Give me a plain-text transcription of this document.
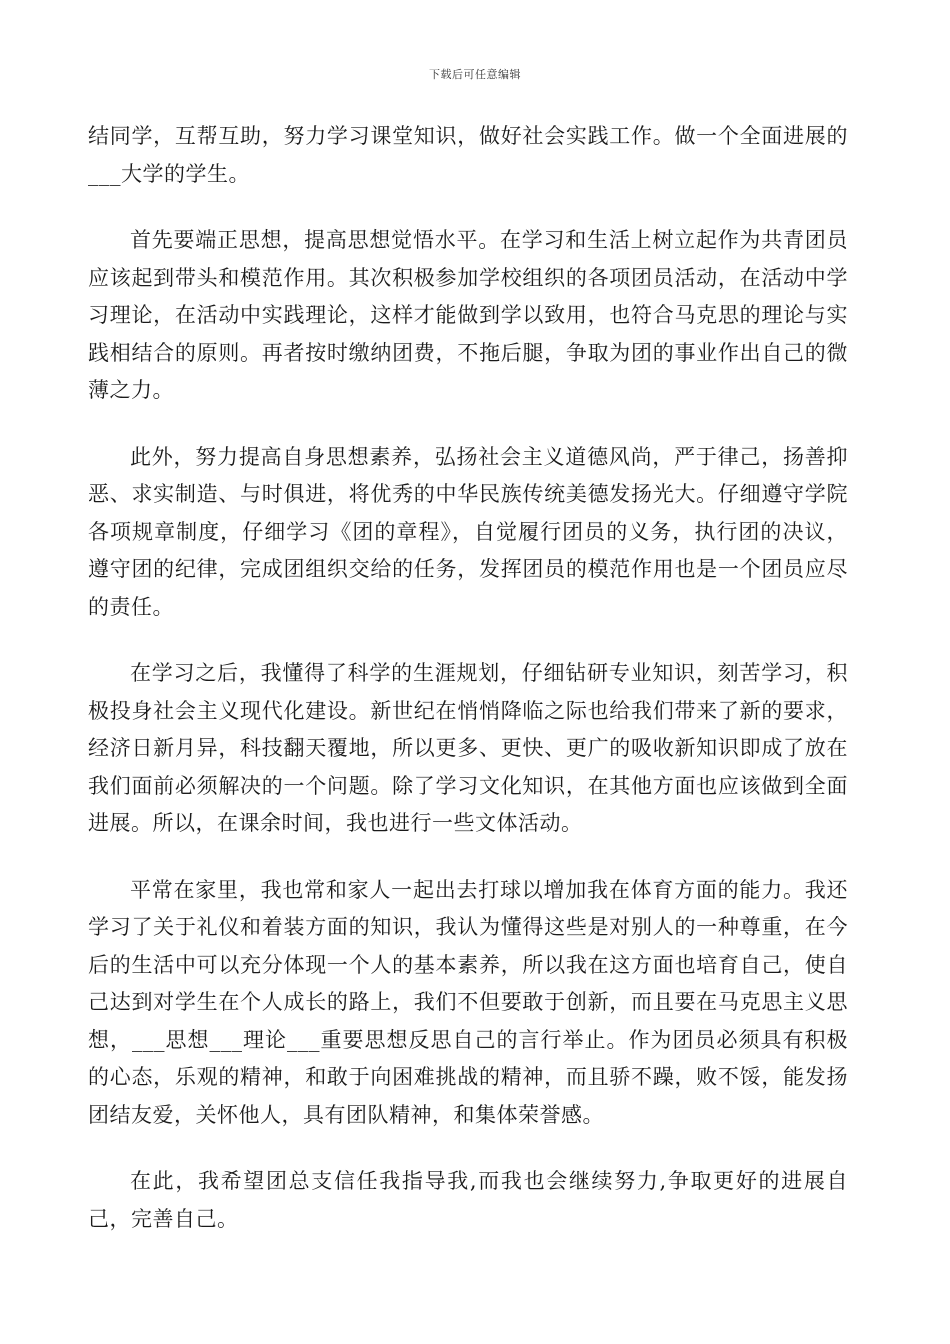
下载后可任意编辑

结同学，互帮互助，努力学习课堂知识，做好社会实践工作。做一个全面进展的___大学的学生。

首先要端正思想，提高思想觉悟水平。在学习和生活上树立起作为共青团员应该起到带头和模范作用。其次积极参加学校组织的各项团员活动，在活动中学习理论，在活动中实践理论，这样才能做到学以致用，也符合马克思的理论与实践相结合的原则。再者按时缴纳团费，不拖后腿，争取为团的事业作出自己的微薄之力。

此外，努力提高自身思想素养，弘扬社会主义道德风尚，严于律己，扬善抑恶、求实制造、与时俱进，将优秀的中华民族传统美德发扬光大。仔细遵守学院各项规章制度，仔细学习《团的章程》，自觉履行团员的义务，执行团的决议，遵守团的纪律，完成团组织交给的任务，发挥团员的模范作用也是一个团员应尽的责任。

在学习之后，我懂得了科学的生涯规划，仔细钻研专业知识，刻苦学习，积极投身社会主义现代化建设。新世纪在悄悄降临之际也给我们带来了新的要求，经济日新月异，科技翻天覆地，所以更多、更快、更广的吸收新知识即成了放在我们面前必须解决的一个问题。除了学习文化知识，在其他方面也应该做到全面进展。所以，在课余时间，我也进行一些文体活动。

平常在家里，我也常和家人一起出去打球以增加我在体育方面的能力。我还学习了关于礼仪和着装方面的知识，我认为懂得这些是对别人的一种尊重，在今后的生活中可以充分体现一个人的基本素养，所以我在这方面也培育自己，使自己达到对学生在个人成长的路上，我们不但要敢于创新，而且要在马克思主义思想，___思想___理论___重要思想反思自己的言行举止。作为团员必须具有积极的心态，乐观的精神，和敢于向困难挑战的精神，而且骄不躁，败不馁，能发扬团结友爱，关怀他人，具有团队精神，和集体荣誉感。

在此，我希望团总支信任我指导我,而我也会继续努力,争取更好的进展自己，完善自己。
